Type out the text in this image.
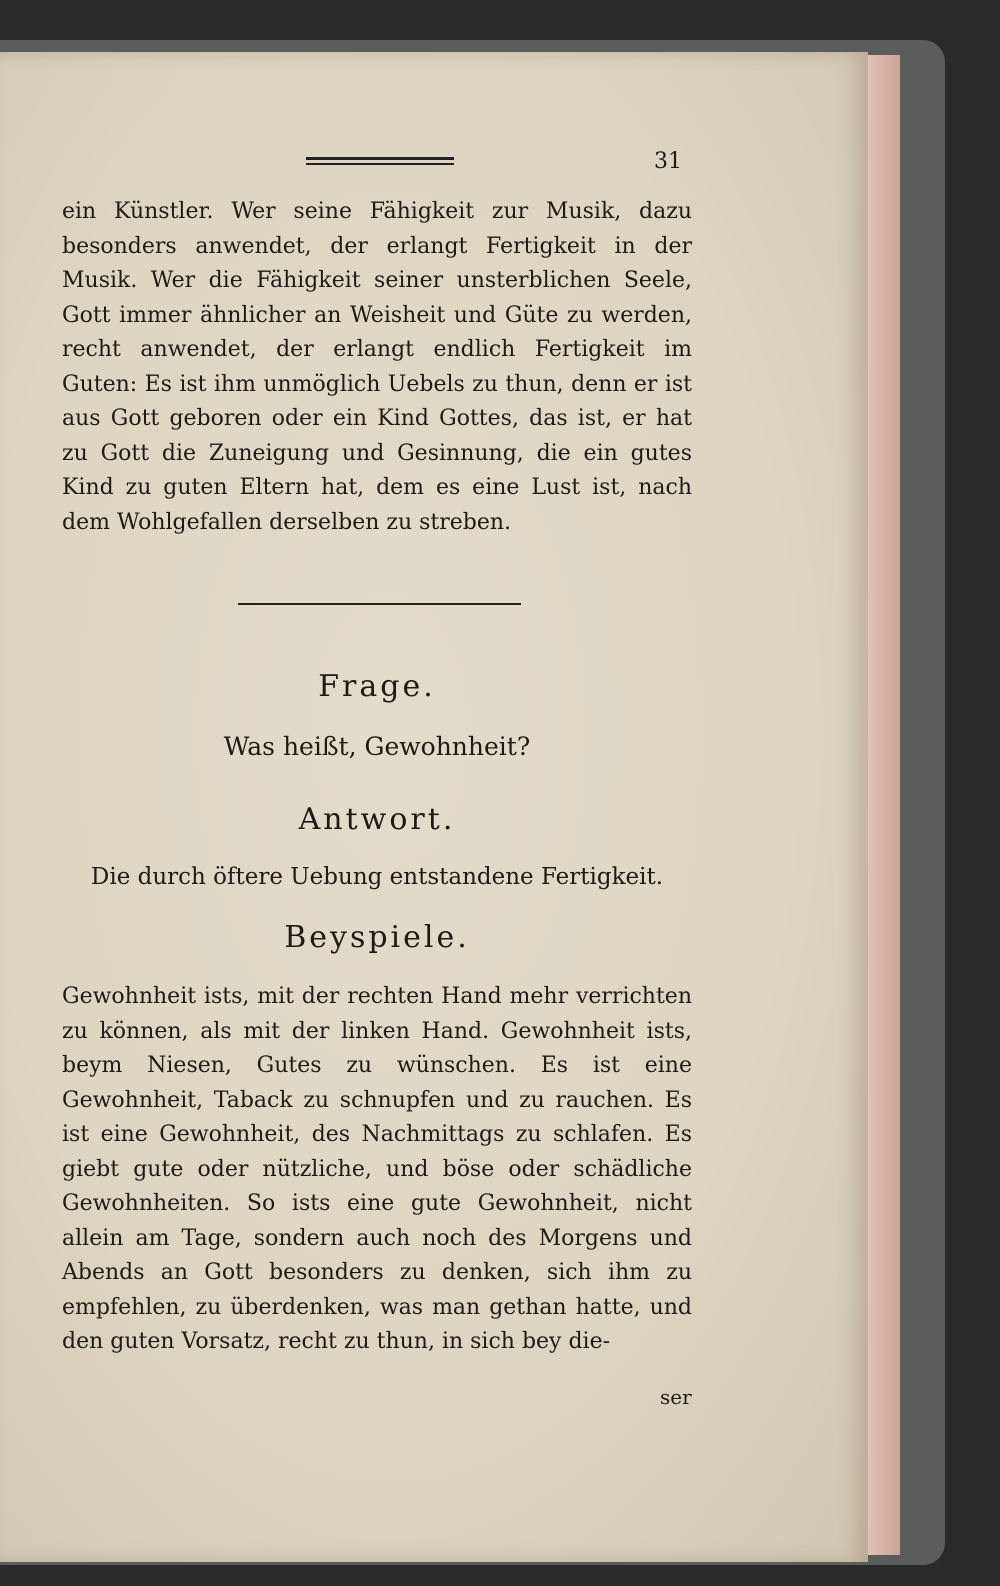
31

ein Künstler. Wer seine Fähigkeit zur Musik, dazu besonders anwendet, der erlangt Fertigkeit in der Musik. Wer die Fähigkeit seiner unsterblichen Seele, Gott immer ähnlicher an Weisheit und Güte zu werden, recht anwendet, der erlangt endlich Fertigkeit im Guten: Es ist ihm unmöglich Uebels zu thun, denn er ist aus Gott geboren oder ein Kind Gottes, das ist, er hat zu Gott die Zuneigung und Gesinnung, die ein gutes Kind zu guten Eltern hat, dem es eine Lust ist, nach dem Wohlgefallen derselben zu streben.

Frage.

Was heißt, Gewohnheit?

Antwort.

Die durch öftere Uebung entstandene Fertigkeit.

Beyspiele.

Gewohnheit ists, mit der rechten Hand mehr verrichten zu können, als mit der linken Hand. Gewohnheit ists, beym Niesen, Gutes zu wünschen. Es ist eine Gewohnheit, Taback zu schnupfen und zu rauchen. Es ist eine Gewohnheit, des Nachmittags zu schlafen. Es giebt gute oder nützliche, und böse oder schädliche Gewohnheiten. So ists eine gute Gewohnheit, nicht allein am Tage, sondern auch noch des Morgens und Abends an Gott besonders zu denken, sich ihm zu empfehlen, zu überdenken, was man gethan hatte, und den guten Vorsatz, recht zu thun, in sich bey die-

ser
